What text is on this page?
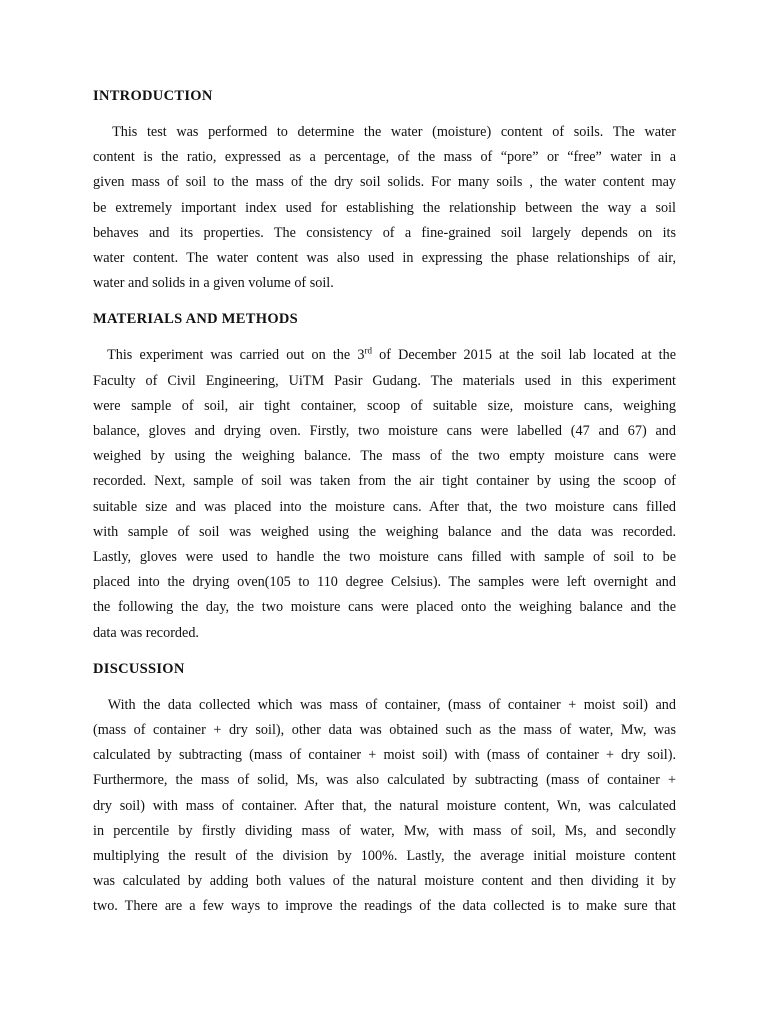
INTRODUCTION
This test was performed to determine the water (moisture) content of soils. The water
content is the ratio, expressed as a percentage, of the mass of “pore” or “free” water in a
given mass of soil to the mass of the dry soil solids. For many soils , the water content may
be extremely important index used for establishing the relationship between the way a soil
behaves and its properties. The consistency of a fine-grained soil largely depends on its
water content. The water content was also used in expressing the phase relationships of air,
water and solids in a given volume of soil.
MATERIALS AND METHODS
This experiment was carried out on the 3rd of December 2015 at the soil lab located at the
Faculty of Civil Engineering, UiTM Pasir Gudang. The materials used in this experiment
were sample of soil, air tight container, scoop of suitable size, moisture cans, weighing
balance, gloves and drying oven. Firstly, two moisture cans were labelled (47 and 67) and
weighed by using the weighing balance. The mass of the two empty moisture cans were
recorded. Next, sample of soil was taken from the air tight container by using the scoop of
suitable size and was placed into the moisture cans. After that, the two moisture cans filled
with sample of soil was weighed using the weighing balance and the data was recorded.
Lastly, gloves were used to handle the two moisture cans filled with sample of soil to be
placed into the drying oven(105 to 110 degree Celsius). The samples were left overnight and
the following the day, the two moisture cans were placed onto the weighing balance and the
data was recorded.
DISCUSSION
With the data collected which was mass of container, (mass of container + moist soil) and
(mass of container + dry soil), other data was obtained such as the mass of water, Mw, was
calculated by subtracting (mass of container + moist soil) with (mass of container + dry soil).
Furthermore, the mass of solid, Ms, was also calculated by subtracting (mass of container +
dry soil) with mass of container. After that, the natural moisture content, Wn, was calculated
in percentile by firstly dividing mass of water, Mw, with mass of soil, Ms, and secondly
multiplying the result of the division by 100%. Lastly, the average initial moisture content
was calculated by adding both values of the natural moisture content and then dividing it by
two. There are a few ways to improve the readings of the data collected is to make sure that
